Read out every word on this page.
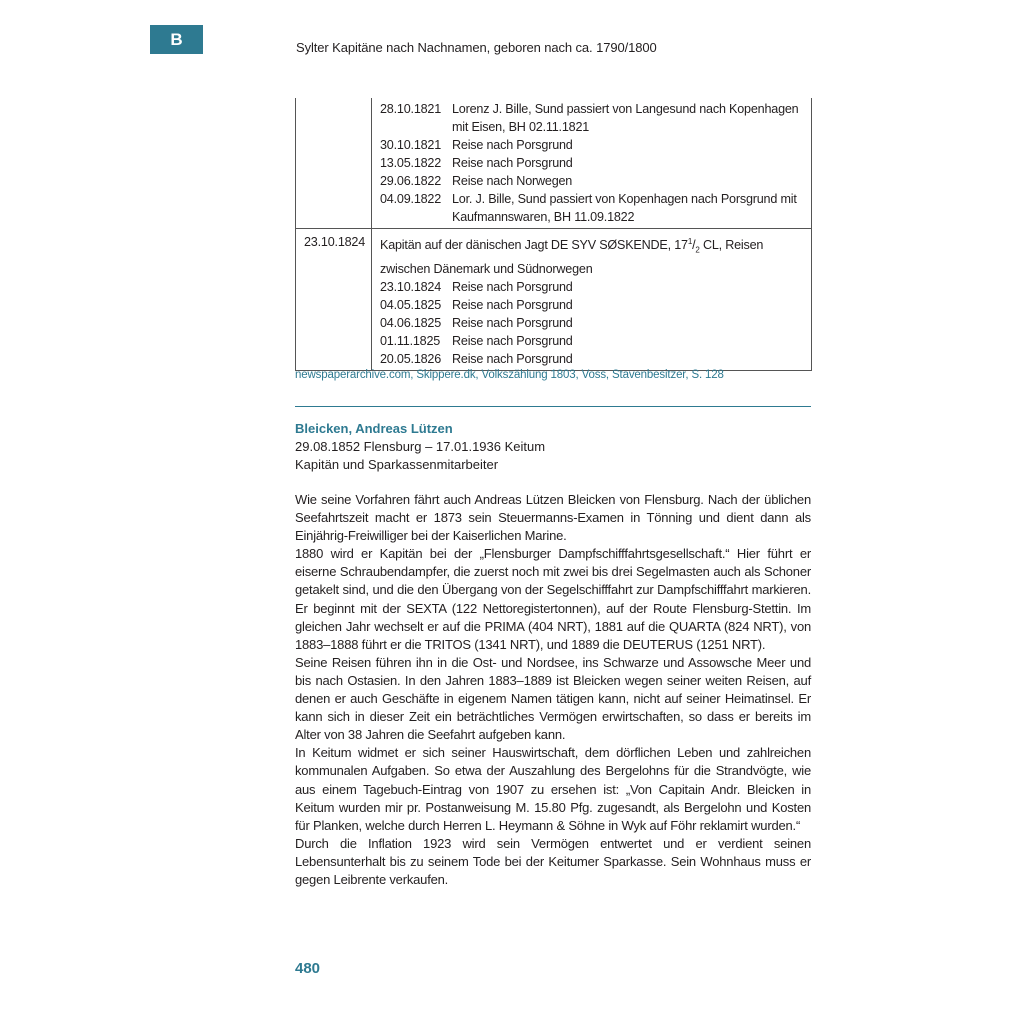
B	Sylter Kapitäne nach Nachnamen, geboren nach ca. 1790/1800
28.10.1821 Lorenz J. Bille, Sund passiert von Langesund nach Kopenhagen mit Eisen, BH 02.11.1821
30.10.1821 Reise nach Porsgrund
13.05.1822 Reise nach Porsgrund
29.06.1822 Reise nach Norwegen
04.09.1822 Lor. J. Bille, Sund passiert von Kopenhagen nach Porsgrund mit Kaufmannswaren, BH 11.09.1822
23.10.1824	Kapitän auf der dänischen Jagt DE SYV SØSKENDE, $17^1/_2$ CL, Reisen zwischen Dänemark und Südnorwegen
23.10.1824 Reise nach Porsgrund
04.05.1825 Reise nach Porsgrund
04.06.1825 Reise nach Porsgrund
01.11.1825 Reise nach Porsgrund
20.05.1826 Reise nach Porsgrund
newspaperarchive.com, Skippere.dk, Volkszählung 1803, Voss, Stavenbesitzer, S. 128
Bleicken, Andreas Lützen
29.08.1852 Flensburg – 17.01.1936 Keitum
Kapitän und Sparkassenmitarbeiter

Wie seine Vorfahren fährt auch Andreas Lützen Bleicken von Flensburg. Nach der üblichen Seefahrtszeit macht er 1873 sein Steuermanns-Examen in Tönning und dient dann als Einjährig-Freiwilliger bei der Kaiserlichen Marine.

1880 wird er Kapitän bei der „Flensburger Dampfschifffahrtsgesellschaft.“ Hier führt er eiserne Schraubendampfer, die zuerst noch mit zwei bis drei Segelmasten auch als Schoner getakelt sind, und die den Übergang von der Segelschifffahrt zur Dampfschifffahrt markieren. Er beginnt mit der SEXTA (122 Nettoregistertonnen), auf der Route Flensburg-Stettin. Im gleichen Jahr wechselt er auf die PRIMA (404 NRT), 1881 auf die QUARTA (824 NRT), von 1883–1888 führt er die TRITOS (1341 NRT), und 1889 die DEUTERUS (1251 NRT).

Seine Reisen führen ihn in die Ost- und Nordsee, ins Schwarze und Assowsche Meer und bis nach Ostasien. In den Jahren 1883–1889 ist Bleicken wegen seiner weiten Reisen, auf denen er auch Geschäfte in eigenem Namen tätigen kann, nicht auf seiner Heimatinsel. Er kann sich in dieser Zeit ein beträchtliches Vermögen erwirtschaften, so dass er bereits im Alter von 38 Jahren die Seefahrt aufgeben kann.

In Keitum widmet er sich seiner Hauswirtschaft, dem dörflichen Leben und zahlreichen kommunalen Aufgaben. So etwa der Auszahlung des Bergelohns für die Strandvögte, wie aus einem Tagebuch-Eintrag von 1907 zu ersehen ist: „Von Capitain Andr. Bleicken in Keitum wurden mir pr. Postanweisung M. 15.80 Pfg. zugesandt, als Bergelohn und Kosten für Planken, welche durch Herren L. Heymann & Söhne in Wyk auf Föhr reklamirt wurden.“

Durch die Inflation 1923 wird sein Vermögen entwertet und er verdient seinen Lebensunterhalt bis zu seinem Tode bei der Keitumer Sparkasse. Sein Wohnhaus muss er gegen Leibrente verkaufen.

480
